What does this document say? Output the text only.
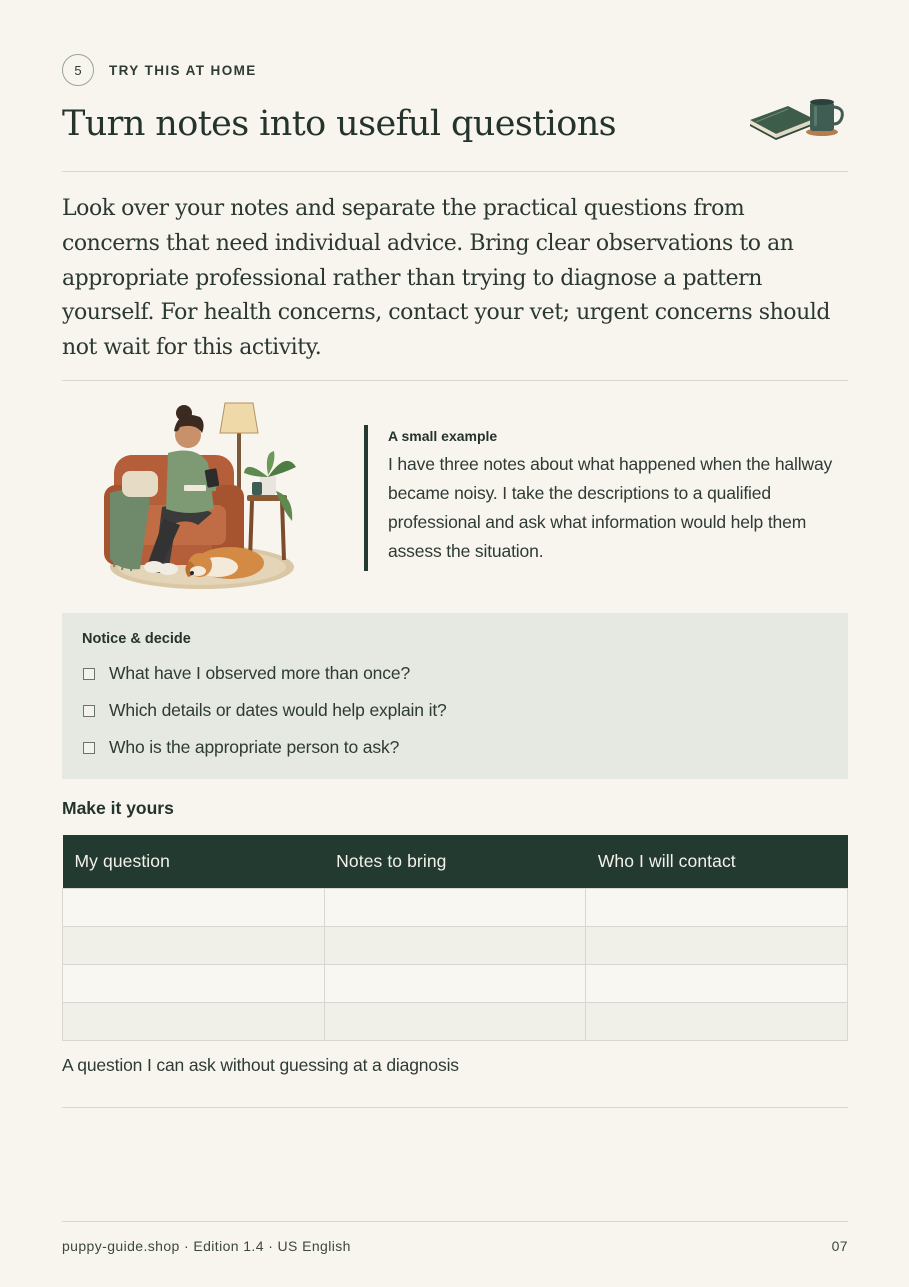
5	TRY THIS AT HOME
Turn notes into useful questions

Look over your notes and separate the practical questions from concerns that need individual advice. Bring clear observations to an appropriate professional rather than trying to diagnose a pattern yourself. For health concerns, contact your vet; urgent concerns should not wait for this activity.

A small example
I have three notes about what happened when the hallway became noisy. I take the descriptions to a qualified professional and ask what information would help them assess the situation.
Notice & decide
What have I observed more than once?
Which details or dates would help explain it?
Who is the appropriate person to ask?
Make it yours
My question	Notes to bring	Who I will contact

A question I can ask without guessing at a diagnosis
puppy-guide.shop · Edition 1.4 · US English	07
